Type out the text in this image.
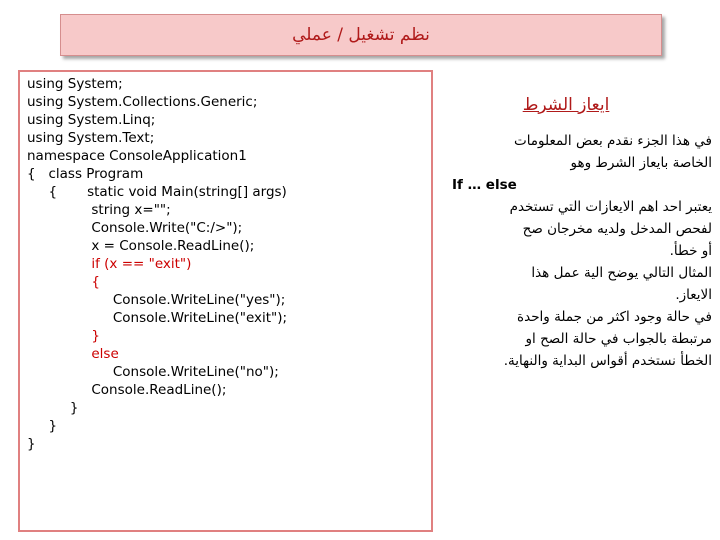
نظم تشغيل / عملي
using System;
using System.Collections.Generic;
using System.Linq;
using System.Text;
namespace ConsoleApplication1
{   class Program
{       static void Main(string[] args)
string x="";
Console.Write("C:/>");
x = Console.ReadLine();
if (x == "exit")
{
Console.WriteLine("yes");
Console.WriteLine("exit");
}
else
Console.WriteLine("no");
Console.ReadLine();
}
}
}
ايعاز الشرط
في هذا الجزء نقدم بعض المعلومات
الخاصة بايعاز الشرط وهو
If … else
يعتبر احد اهم الايعازات التي تستخدم
لفحص المدخل ولديه مخرجان صح
أو خطأ.
المثال التالي يوضح الية عمل هذا
الايعاز.
في حالة وجود اكثر من جملة واحدة
مرتبطة بالجواب في حالة الصح او
الخطأ نستخدم أقواس البداية والنهاية.
